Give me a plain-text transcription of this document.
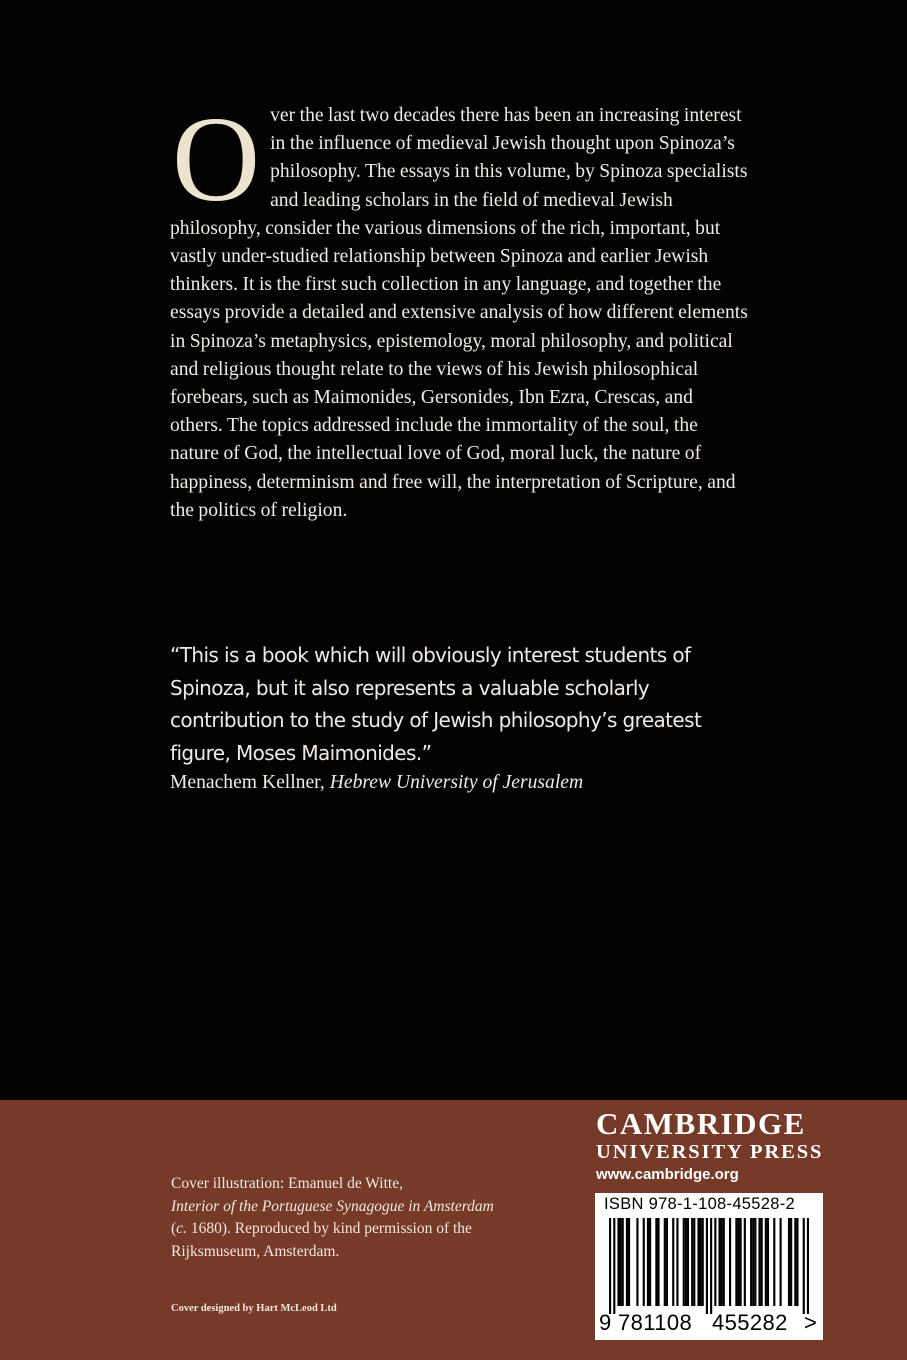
O ver the last two decades there has been an increasing interest in the influence of medieval Jewish thought upon Spinoza’s philosophy. The essays in this volume, by Spinoza specialists and leading scholars in the field of medieval Jewish philosophy, consider the various dimensions of the rich, important, but vastly under-studied relationship between Spinoza and earlier Jewish thinkers. It is the first such collection in any language, and together the essays provide a detailed and extensive analysis of how different elements in Spinoza’s metaphysics, epistemology, moral philosophy, and political and religious thought relate to the views of his Jewish philosophical forebears, such as Maimonides, Gersonides, Ibn Ezra, Crescas, and others. The topics addressed include the immortality of the soul, the nature of God, the intellectual love of God, moral luck, the nature of happiness, determinism and free will, the interpretation of Scripture, and the politics of religion.
“This is a book which will obviously interest students of Spinoza, but it also represents a valuable scholarly contribution to the study of Jewish philosophy’s greatest figure, Moses Maimonides.”
Menachem Kellner, Hebrew University of Jerusalem
CAMBRIDGE
UNIVERSITY PRESS
www.cambridge.org
Cover illustration: Emanuel de Witte,
Interior of the Portuguese Synagogue in Amsterdam
(c. 1680). Reproduced by kind permission of the Rijksmuseum, Amsterdam.
Cover designed by Hart McLeod Ltd
ISBN 978-1-108-45528-2
9 781108 455282 >
